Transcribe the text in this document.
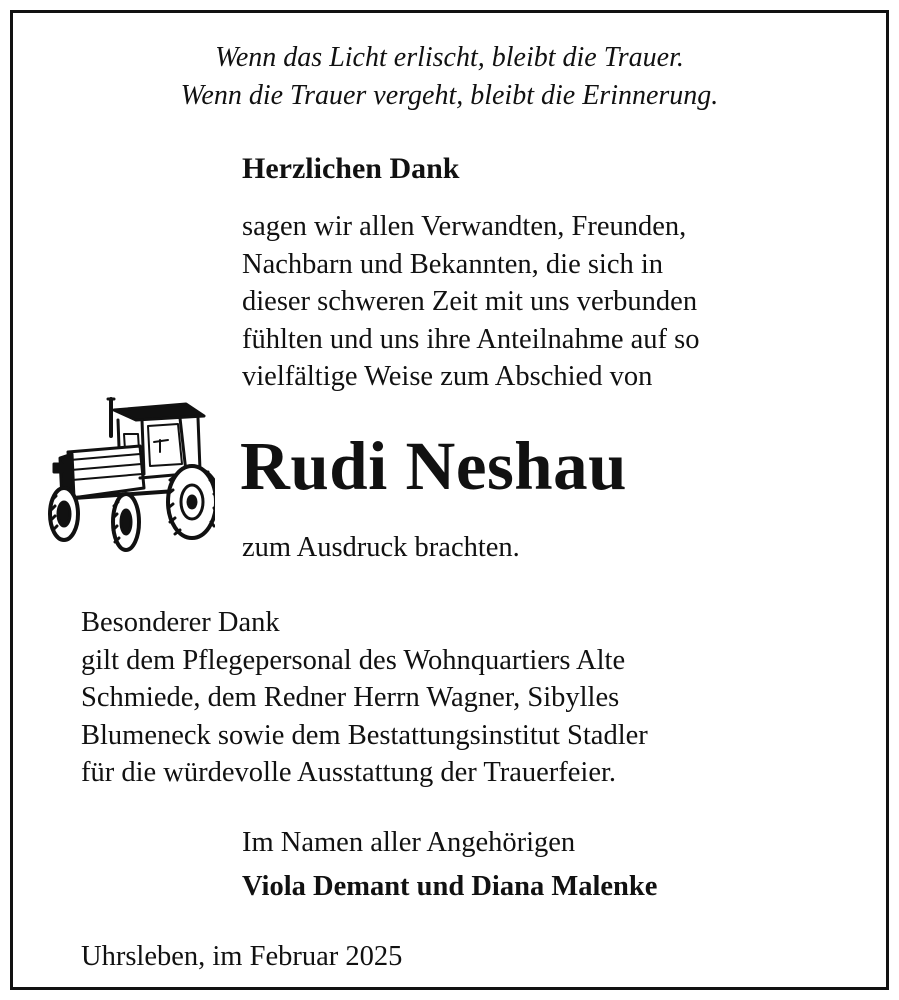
Wenn das Licht erlischt, bleibt die Trauer.
Wenn die Trauer vergeht, bleibt die Erinnerung.
Herzlichen Dank
sagen wir allen Verwandten, Freunden,
Nachbarn und Bekannten, die sich in
dieser schweren Zeit mit uns verbunden
fühlten und uns ihre Anteilnahme auf so
vielfältige Weise zum Abschied von
Rudi Neshau
zum Ausdruck brachten.
Besonderer Dank
gilt dem Pflegepersonal des Wohnquartiers Alte
Schmiede, dem Redner Herrn Wagner, Sibylles
Blumeneck sowie dem Bestattungsinstitut Stadler
für die würdevolle Ausstattung der Trauerfeier.
Im Namen aller Angehörigen
Viola Demant und Diana Malenke
Uhrsleben, im Februar 2025
